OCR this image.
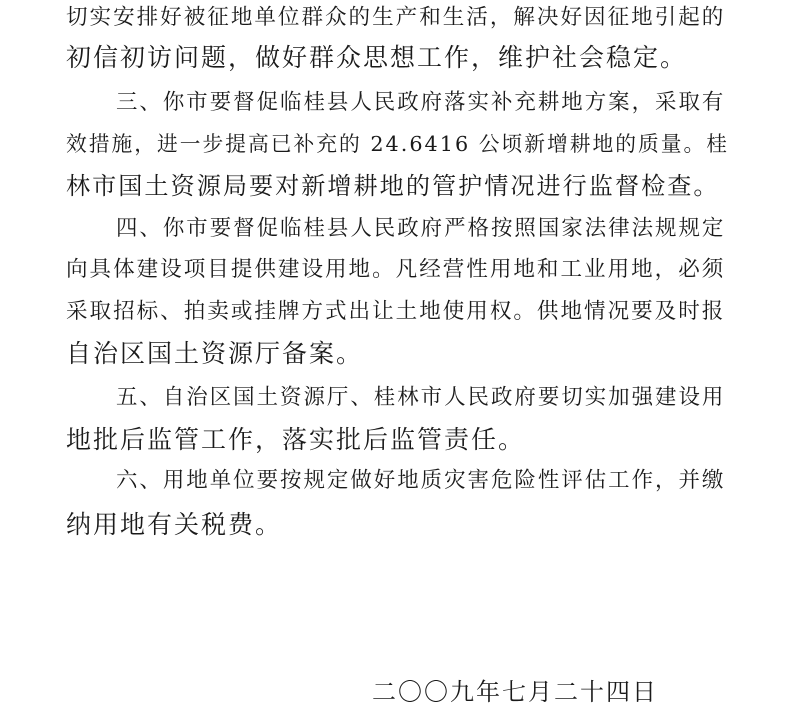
切实安排好被征地单位群众的生产和生活，解决好因征地引起的
初信初访问题，做好群众思想工作，维护社会稳定。
三、你市要督促临桂县人民政府落实补充耕地方案，采取有
效措施，进一步提高已补充的 24.6416 公顷新增耕地的质量。桂
林市国土资源局要对新增耕地的管护情况进行监督检查。
四、你市要督促临桂县人民政府严格按照国家法律法规规定
向具体建设项目提供建设用地。凡经营性用地和工业用地，必须
采取招标、拍卖或挂牌方式出让土地使用权。供地情况要及时报
自治区国土资源厅备案。
五、自治区国土资源厅、桂林市人民政府要切实加强建设用
地批后监管工作，落实批后监管责任。
六、用地单位要按规定做好地质灾害危险性评估工作，并缴
纳用地有关税费。
二〇〇九年七月二十四日
